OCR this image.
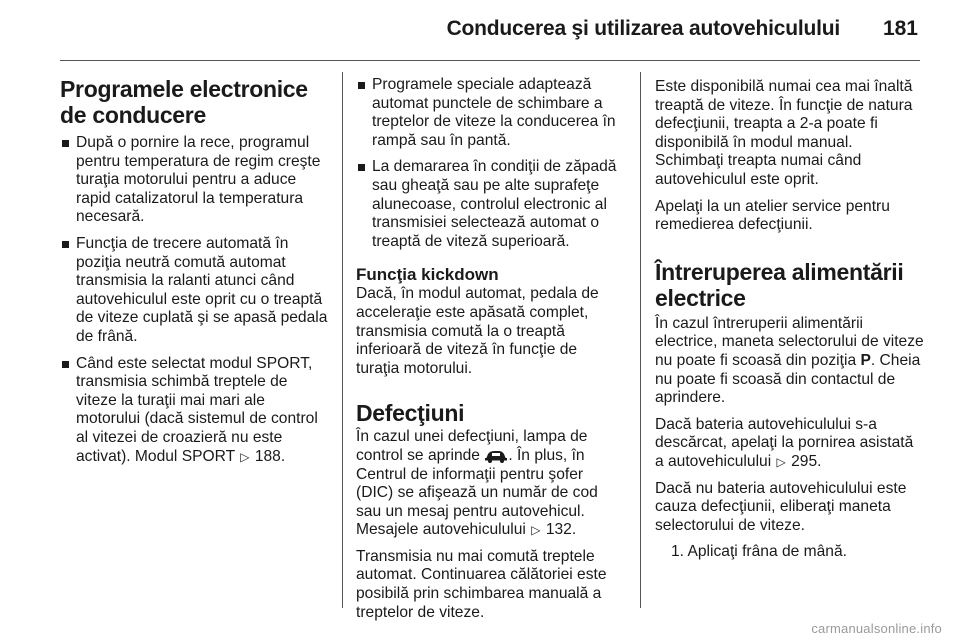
Conducerea şi utilizarea autovehiculului 181
Programele electronice de conducere
După o pornire la rece, programul pentru temperatura de regim creşte turaţia motorului pentru a aduce rapid catalizatorul la temperatura necesară.
Funcţia de trecere automată în poziţia neutră comută automat transmisia la ralanti atunci când autovehiculul este oprit cu o treaptă de viteze cuplată şi se apasă pedala de frână.
Când este selectat modul SPORT, transmisia schimbă treptele de viteze la turaţii mai mari ale motorului (dacă sistemul de control al vitezei de croazieră nu este activat). Modul SPORT ▷ 188.
Programele speciale adaptează automat punctele de schimbare a treptelor de viteze la conducerea în rampă sau în pantă.
La demararea în condiţii de zăpadă sau gheaţă sau pe alte suprafeţe alunecoase, controlul electronic al transmisiei selectează automat o treaptă de viteză superioară.
Funcţia kickdown

Dacă, în modul automat, pedala de acceleraţie este apăsată complet, transmisia comută la o treaptă inferioară de viteză în funcţie de turaţia motorului.

Defecţiuni

În cazul unei defecţiuni, lampa de control se aprinde . În plus, în Centrul de informaţii pentru şofer (DIC) se afişează un număr de cod sau un mesaj pentru autovehicul. Mesajele autovehiculului ▷ 132.

Transmisia nu mai comută treptele automat. Continuarea călătoriei este posibilă prin schimbarea manuală a treptelor de viteze.

Este disponibilă numai cea mai înaltă treaptă de viteze. În funcţie de natura defecţiunii, treapta a 2-a poate fi disponibilă în modul manual. Schimbaţi treapta numai când autovehiculul este oprit.

Apelaţi la un atelier service pentru remedierea defecţiunii.

Întreruperea alimentării electrice

În cazul întreruperii alimentării electrice, maneta selectorului de viteze nu poate fi scoasă din poziţia P. Cheia nu poate fi scoasă din contactul de aprindere.

Dacă bateria autovehiculului s-a descărcat, apelaţi la pornirea asistată a autovehiculului ▷ 295.

Dacă nu bateria autovehiculului este cauza defecţiunii, eliberaţi maneta selectorului de viteze.

1. Aplicaţi frâna de mână.

carmanualsonline.info
